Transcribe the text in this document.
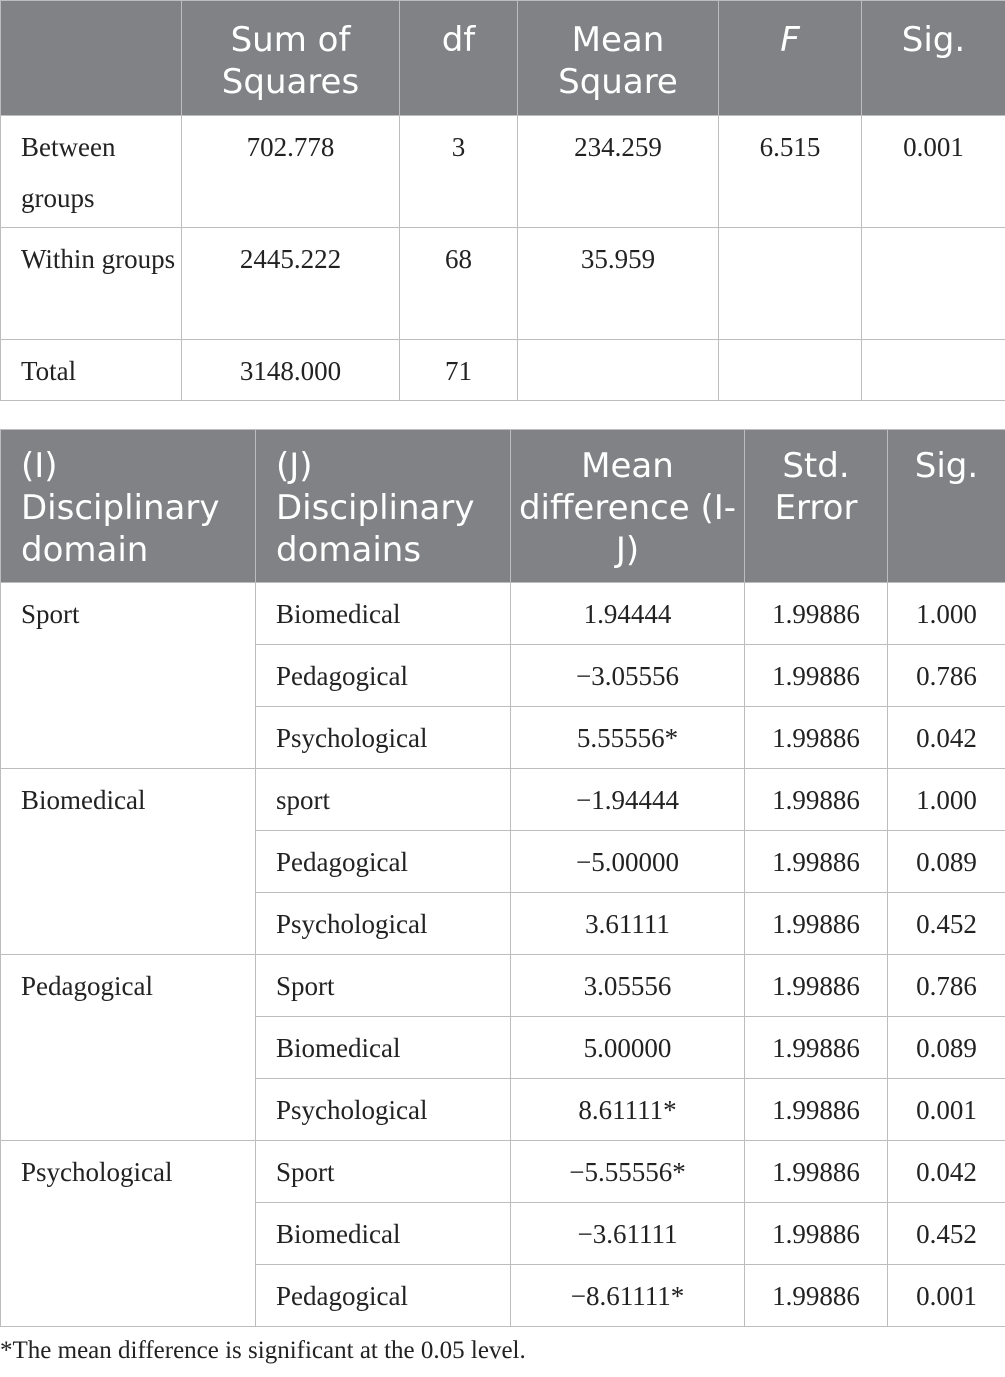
	Sum of Squares	df	Mean Square	F	Sig.
Between groups	702.778	3	234.259	6.515	0.001
Within groups	2445.222	68	35.959		
Total	3148.000	71			
(I) Disciplinary domain	(J) Disciplinary domains	Mean difference (I-J)	Std. Error	Sig.
Sport	Biomedical	1.94444	1.99886	1.000
	Pedagogical	−3.05556	1.99886	0.786
	Psychological	5.55556*	1.99886	0.042
Biomedical	sport	−1.94444	1.99886	1.000
	Pedagogical	−5.00000	1.99886	0.089
	Psychological	3.61111	1.99886	0.452
Pedagogical	Sport	3.05556	1.99886	0.786
	Biomedical	5.00000	1.99886	0.089
	Psychological	8.61111*	1.99886	0.001
Psychological	Sport	−5.55556*	1.99886	0.042
	Biomedical	−3.61111	1.99886	0.452
	Pedagogical	−8.61111*	1.99886	0.001

*The mean difference is significant at the 0.05 level.
